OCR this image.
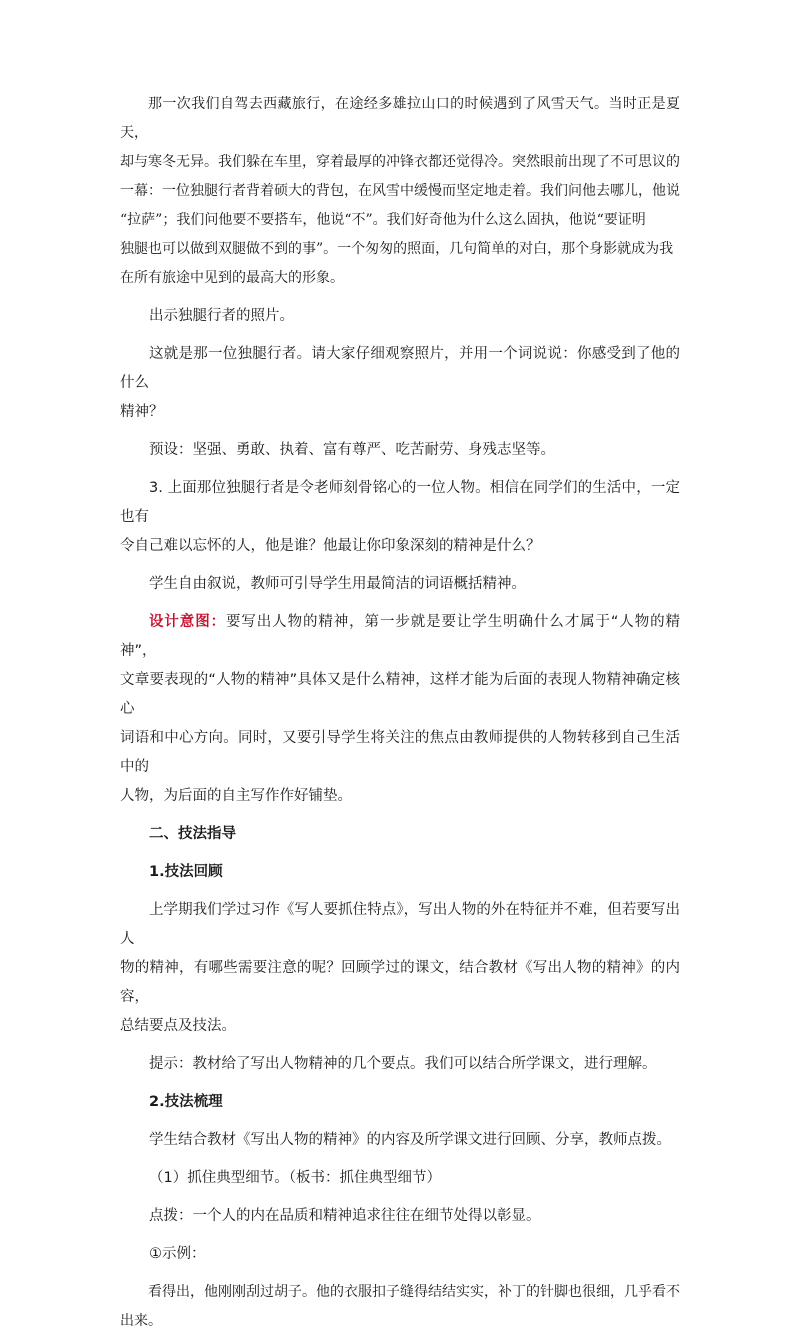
那一次我们自驾去西藏旅行，在途经多雄拉山口的时候遇到了风雪天气。当时正是夏天，

却与寒冬无异。我们躲在车里，穿着最厚的冲锋衣都还觉得冷。突然眼前出现了不可思议的

一幕：一位独腿行者背着硕大的背包，在风雪中缓慢而坚定地走着。我们问他去哪儿，他说

“拉萨”；我们问他要不要搭车，他说“不”。我们好奇他为什么这么固执，他说“要证明

独腿也可以做到双腿做不到的事”。一个匆匆的照面，几句简单的对白，那个身影就成为我

在所有旅途中见到的最高大的形象。

出示独腿行者的照片。

这就是那一位独腿行者。请大家仔细观察照片，并用一个词说说：你感受到了他的什么

精神？

预设：坚强、勇敢、执着、富有尊严、吃苦耐劳、身残志坚等。

3. 上面那位独腿行者是令老师刻骨铭心的一位人物。相信在同学们的生活中，一定也有

令自己难以忘怀的人，他是谁？他最让你印象深刻的精神是什么？

学生自由叙说，教师可引导学生用最简洁的词语概括精神。

设计意图：要写出人物的精神，第一步就是要让学生明确什么才属于“人物的精神”，

文章要表现的“人物的精神”具体又是什么精神，这样才能为后面的表现人物精神确定核心

词语和中心方向。同时，又要引导学生将关注的焦点由教师提供的人物转移到自己生活中的

人物，为后面的自主写作作好铺垫。

二、技法指导

1.技法回顾

上学期我们学过习作《写人要抓住特点》，写出人物的外在特征并不难，但若要写出人

物的精神，有哪些需要注意的呢？回顾学过的课文，结合教材《写出人物的精神》的内容，

总结要点及技法。

提示：教材给了写出人物精神的几个要点。我们可以结合所学课文，进行理解。

2.技法梳理

学生结合教材《写出人物的精神》的内容及所学课文进行回顾、分享，教师点拨。

（1）抓住典型细节。（板书：抓住典型细节）

点拨：一个人的内在品质和精神追求往往在细节处得以彰显。

①示例：

看得出，他刚刚刮过胡子。他的衣服扣子缝得结结实实，补丁的针脚也很细，几乎看不

出来。
